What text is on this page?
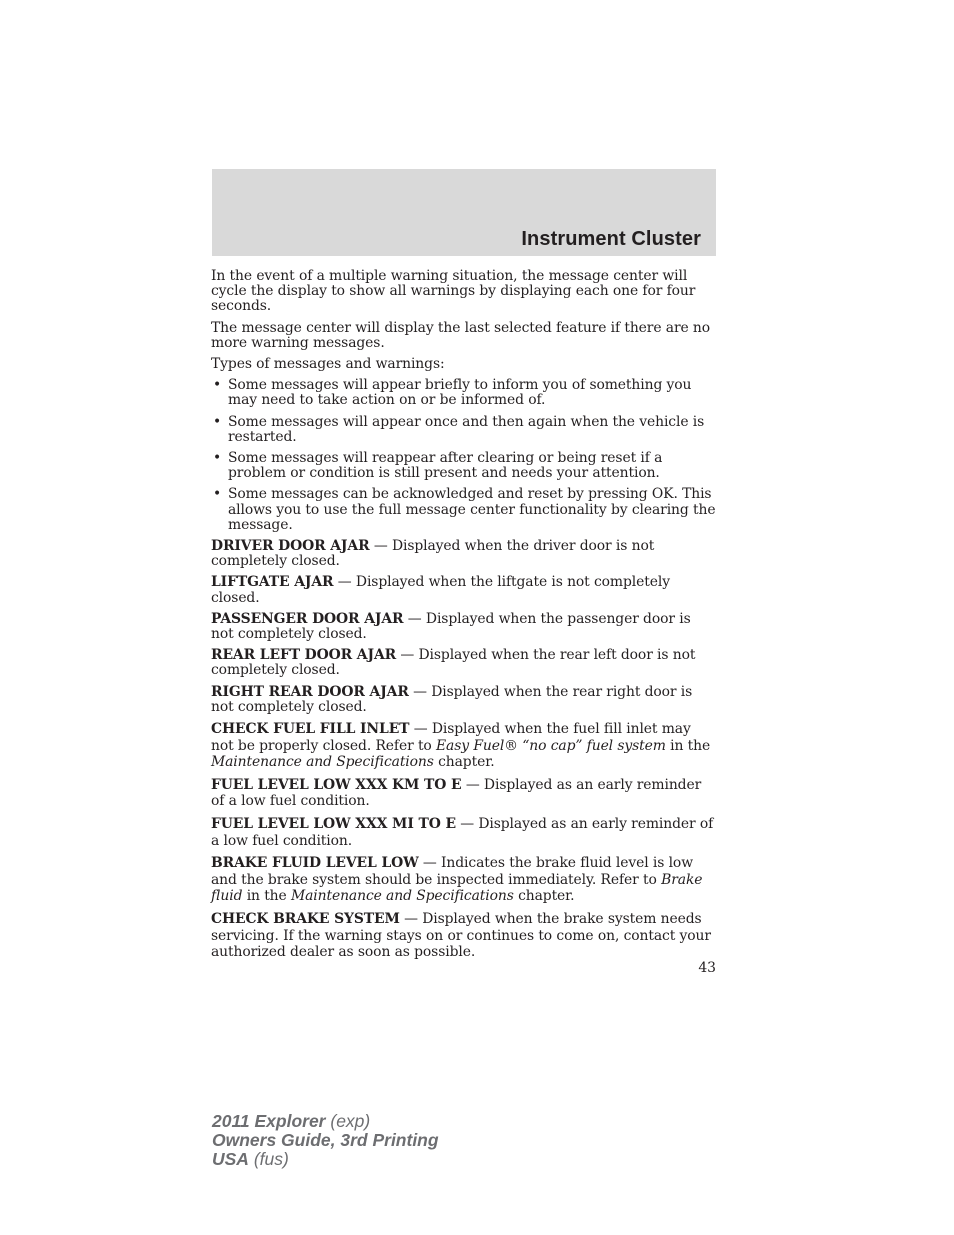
Instrument Cluster

In the event of a multiple warning situation, the message center will cycle the display to show all warnings by displaying each one for four seconds.

The message center will display the last selected feature if there are no more warning messages.

Types of messages and warnings:

• Some messages will appear briefly to inform you of something you may need to take action on or be informed of.
• Some messages will appear once and then again when the vehicle is restarted.
• Some messages will reappear after clearing or being reset if a problem or condition is still present and needs your attention.
• Some messages can be acknowledged and reset by pressing OK. This allows you to use the full message center functionality by clearing the message.

DRIVER DOOR AJAR — Displayed when the driver door is not completely closed.

LIFTGATE AJAR — Displayed when the liftgate is not completely closed.

PASSENGER DOOR AJAR — Displayed when the passenger door is not completely closed.

REAR LEFT DOOR AJAR — Displayed when the rear left door is not completely closed.

RIGHT REAR DOOR AJAR — Displayed when the rear right door is not completely closed.

CHECK FUEL FILL INLET — Displayed when the fuel fill inlet may not be properly closed. Refer to Easy Fuel® “no cap” fuel system in the Maintenance and Specifications chapter.

FUEL LEVEL LOW XXX KM TO E — Displayed as an early reminder of a low fuel condition.

FUEL LEVEL LOW XXX MI TO E — Displayed as an early reminder of a low fuel condition.

BRAKE FLUID LEVEL LOW — Indicates the brake fluid level is low and the brake system should be inspected immediately. Refer to Brake fluid in the Maintenance and Specifications chapter.

CHECK BRAKE SYSTEM — Displayed when the brake system needs servicing. If the warning stays on or continues to come on, contact your authorized dealer as soon as possible.

43
2011 Explorer (exp)
Owners Guide, 3rd Printing
USA (fus)
